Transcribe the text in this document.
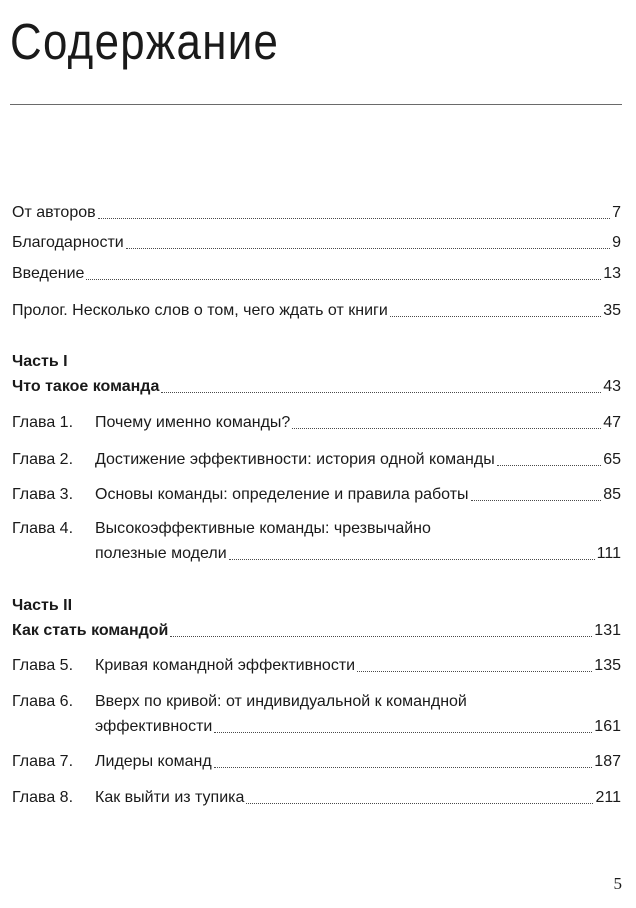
Содержание
От авторов	7
Благодарности	9
Введение	13
Пролог. Несколько слов о том, чего ждать от книги	35
Часть I
Что такое команда	43
Глава 1.	Почему именно команды?	47
Глава 2.	Достижение эффективности: история одной команды	65
Глава 3.	Основы команды: определение и правила работы	85
Глава 4.	Высокоэффективные команды: чрезвычайно
полезные модели	111
Часть II
Как стать командой	131
Глава 5.	Кривая командной эффективности	135
Глава 6.	Вверх по кривой: от индивидуальной к командной
эффективности	161
Глава 7.	Лидеры команд	187
Глава 8.	Как выйти из тупика	211
5
